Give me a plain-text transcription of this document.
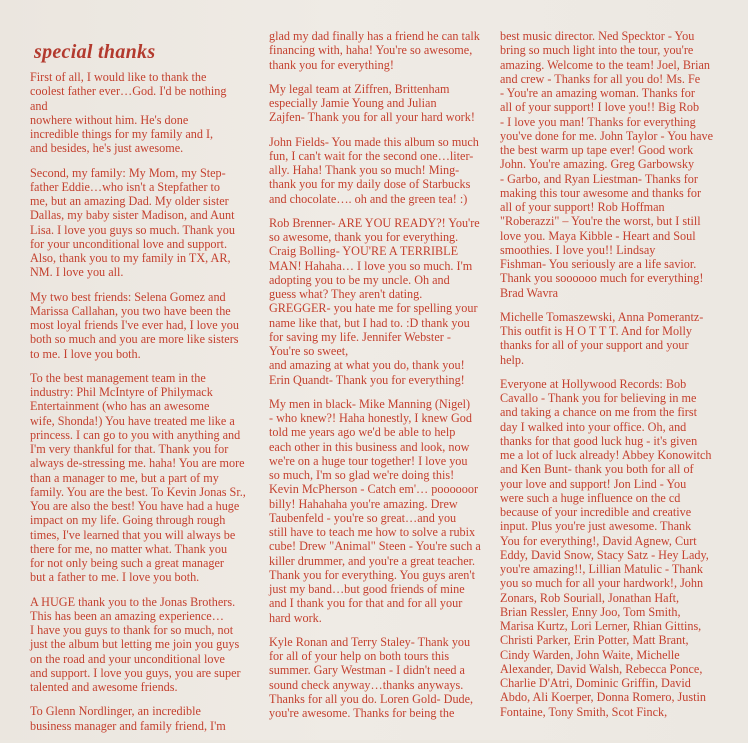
special thanks

First of all, I would like to thank the
coolest father ever…God. I'd be nothing
and
nowhere without him. He's done
incredible things for my family and I,
and besides, he's just awesome.

Second, my family: My Mom, my Step-
father Eddie…who isn't a Stepfather to
me, but an amazing Dad. My older sister
Dallas, my baby sister Madison, and Aunt
Lisa. I love you guys so much. Thank you
for your unconditional love and support.
Also, thank you to my family in TX, AR,
NM. I love you all.

My two best friends: Selena Gomez and
Marissa Callahan, you two have been the
most loyal friends I've ever had, I love you
both so much and you are more like sisters
to me. I love you both.

To the best management team in the
industry: Phil McIntyre of Philymack
Entertainment (who has an awesome
wife, Shonda!) You have treated me like a
princess. I can go to you with anything and
I'm very thankful for that. Thank you for
always de-stressing me. haha! You are more
than a manager to me, but a part of my
family. You are the best. To Kevin Jonas Sr.,
You are also the best! You have had a huge
impact on my life. Going through rough
times, I've learned that you will always be
there for me, no matter what. Thank you
for not only being such a great manager
but a father to me. I love you both.

A HUGE thank you to the Jonas Brothers.
This has been an amazing experience…
I have you guys to thank for so much, not
just the album but letting me join you guys
on the road and your unconditional love
and support. I love you guys, you are super
talented and awesome friends.

To Glenn Nordlinger, an incredible
business manager and family friend, I'm

glad my dad finally has a friend he can talk
financing with, haha! You're so awesome,
thank you for everything!

My legal team at Ziffren, Brittenham
especially Jamie Young and Julian
Zajfen- Thank you for all your hard work!

John Fields- You made this album so much
fun, I can't wait for the second one…liter-
ally. Haha! Thank you so much! Ming-
thank you for my daily dose of Starbucks
and chocolate…. oh and the green tea! :)

Rob Brenner- ARE YOU READY?! You're
so awesome, thank you for everything.
Craig Bolling- YOU'RE A TERRIBLE
MAN! Hahaha… I love you so much. I'm
adopting you to be my uncle. Oh and
guess what? They aren't dating.
GREGGER- you hate me for spelling your
name like that, but I had to. :D thank you
for saving my life. Jennifer Webster -
You're so sweet,
and amazing at what you do, thank you!
Erin Quandt- Thank you for everything!

My men in black- Mike Manning (Nigel)
- who knew?! Haha honestly, I knew God
told me years ago we'd be able to help
each other in this business and look, now
we're on a huge tour together! I love you
so much, I'm so glad we're doing this!
Kevin McPherson - Catch em'… poooooor
billy! Hahahaha you're amazing. Drew
Taubenfeld - you're so great…and you
still have to teach me how to solve a rubix
cube! Drew "Animal" Steen - You're such a
killer drummer, and you're a great teacher.
Thank you for everything. You guys aren't
just my band…but good friends of mine
and I thank you for that and for all your
hard work.

Kyle Ronan and Terry Staley- Thank you
for all of your help on both tours this
summer. Gary Westman - I didn't need a
sound check anyway…thanks anyways.
Thanks for all you do. Loren Gold- Dude,
you're awesome. Thanks for being the

best music director. Ned Specktor - You
bring so much light into the tour, you're
amazing. Welcome to the team! Joel, Brian
and crew - Thanks for all you do! Ms. Fe
- You're an amazing woman. Thanks for
all of your support! I love you!! Big Rob
- I love you man! Thanks for everything
you've done for me. John Taylor - You have
the best warm up tape ever! Good work
John. You're amazing. Greg Garbowsky
- Garbo, and Ryan Liestman- Thanks for
making this tour awesome and thanks for
all of your support! Rob Hoffman
"Roberazzi" – You're the worst, but I still
love you. Maya Kibble - Heart and Soul
smoothies. I love you!! Lindsay
Fishman- You seriously are a life savior.
Thank you soooooo much for everything!
Brad Wavra

Michelle Tomaszewski, Anna Pomerantz-
This outfit is H O T T T. And for Molly
thanks for all of your support and your
help.

Everyone at Hollywood Records: Bob
Cavallo - Thank you for believing in me
and taking a chance on me from the first
day I walked into your office. Oh, and
thanks for that good luck hug - it's given
me a lot of luck already! Abbey Konowitch
and Ken Bunt- thank you both for all of
your love and support! Jon Lind - You
were such a huge influence on the cd
because of your incredible and creative
input. Plus you're just awesome. Thank
You for everything!, David Agnew, Curt
Eddy, David Snow, Stacy Satz - Hey Lady,
you're amazing!!, Lillian Matulic - Thank
you so much for all your hardwork!, John
Zonars, Rob Souriall, Jonathan Haft,
Brian Ressler, Enny Joo, Tom Smith,
Marisa Kurtz, Lori Lerner, Rhian Gittins,
Christi Parker, Erin Potter, Matt Brant,
Cindy Warden, John Waite, Michelle
Alexander, David Walsh, Rebecca Ponce,
Charlie D'Atri, Dominic Griffin, David
Abdo, Ali Koerper, Donna Romero, Justin
Fontaine, Tony Smith, Scot Finck,
